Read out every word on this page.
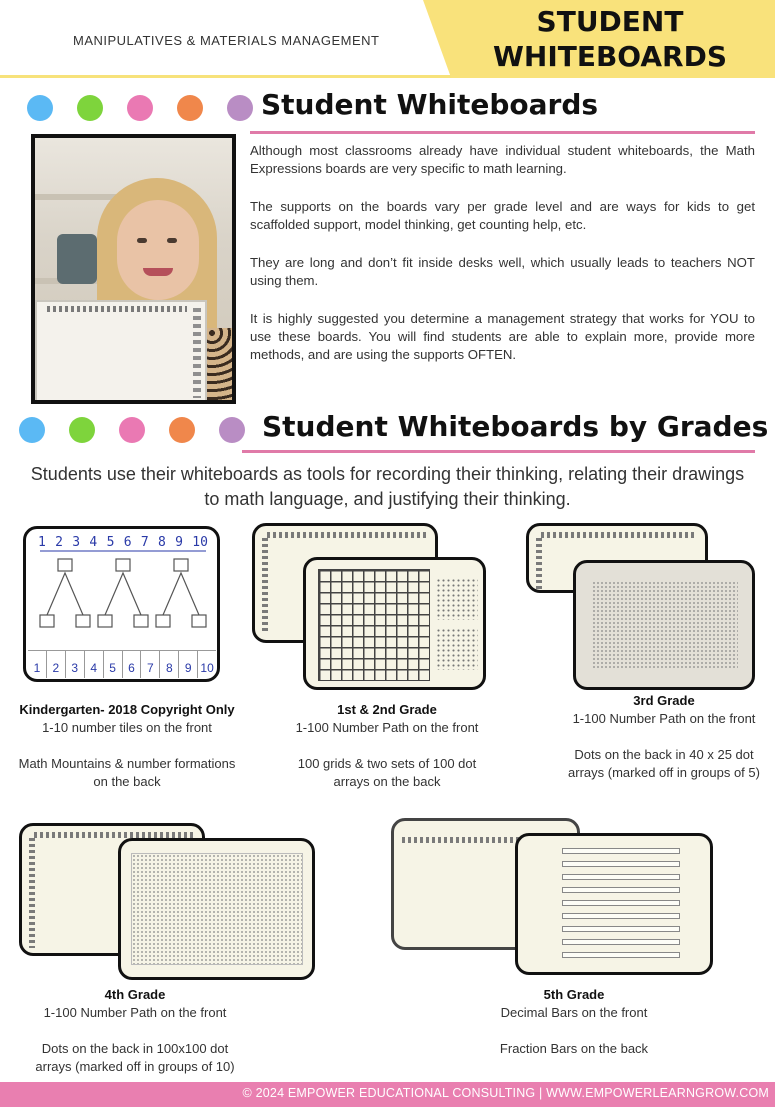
MANIPULATIVES & MATERIALS MANAGEMENT
STUDENT
WHITEBOARDS
Student Whiteboards
Although most classrooms already have individual student whiteboards, the Math Expressions boards are very specific to math learning.
The supports on the boards vary per grade level and are ways for kids to get scaffolded support, model thinking, get counting help, etc.
They are long and don’t fit inside desks well, which usually leads to teachers NOT using them.
It is highly suggested you determine a management strategy that works for YOU to use these boards. You will find students are able to explain more, provide more methods, and are using the supports OFTEN.
Student Whiteboards by Grades
Students use their whiteboards as tools for recording their thinking, relating their drawings to math language, and justifying their thinking.
1 2 3 4 5 6 7 8 9 10
1	2	3	4	5	6	7	8	9 10
Kindergarten- 2018 Copyright Only
1-10 number tiles on the front
Math Mountains & number formations on the back
1st & 2nd Grade
1-100 Number Path on the front
100 grids & two sets of 100 dot arrays on the back
3rd Grade
1-100 Number Path on the front
Dots on the back in 40 x 25 dot arrays (marked off in groups of 5)
4th Grade
1-100 Number Path on the front
Dots on the back in 100x100 dot arrays (marked off in groups of 10)
5th Grade
Decimal Bars on the front
Fraction Bars on the back
© 2024 EMPOWER EDUCATIONAL CONSULTING | WWW.EMPOWERLEARNGROW.COM
